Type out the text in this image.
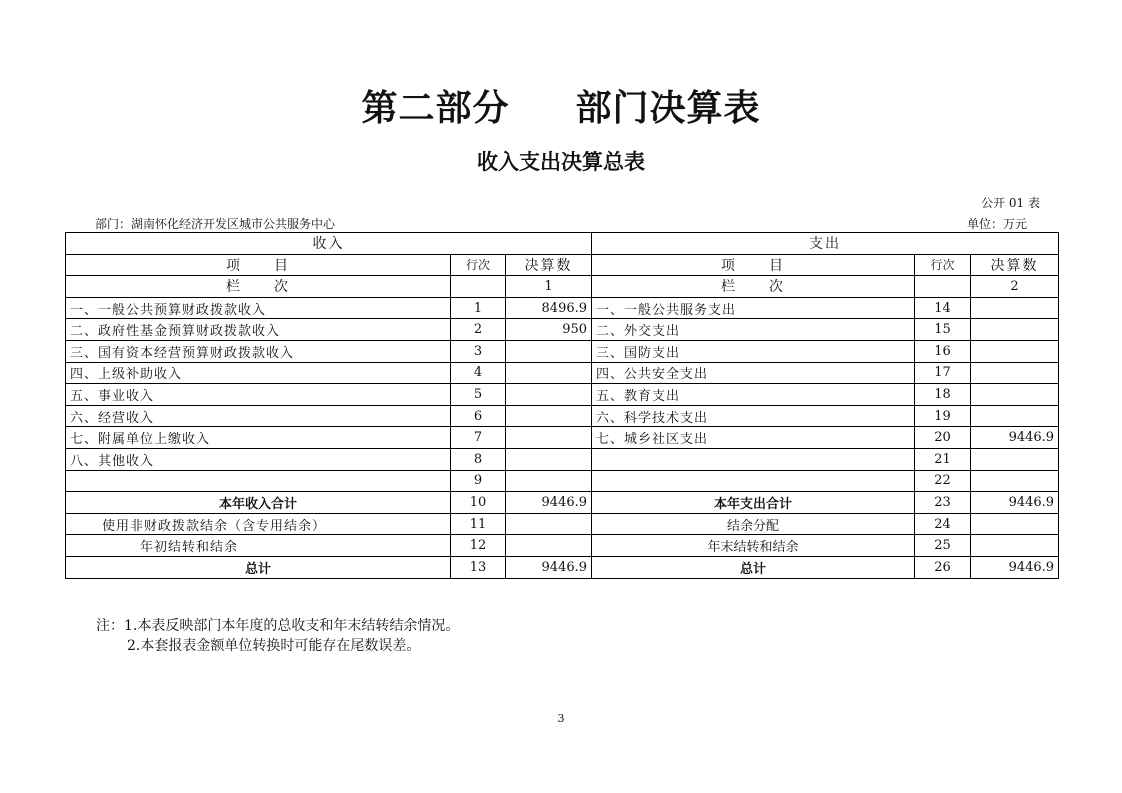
第二部分 部门决算表
收入支出决算总表
公开 01 表
部门：湖南怀化经济开发区城市公共服务中心	单位：万元
收入			支出		
项　　目	行次	决算数	项　　目	行次	决算数
栏　　次		1	栏　　次		2
一、一般公共预算财政拨款收入	1	8496.9	一、一般公共服务支出	14	
二、政府性基金预算财政拨款收入	2	950	二、外交支出	15	
三、国有资本经营预算财政拨款收入	3		三、国防支出	16	
四、上级补助收入	4		四、公共安全支出	17	
五、事业收入	5		五、教育支出	18	
六、经营收入	6		六、科学技术支出	19	
七、附属单位上缴收入	7		七、城乡社区支出	20	9446.9
八、其他收入	8			21	
	9			22	
本年收入合计	10	9446.9	本年支出合计	23	9446.9
使用非财政拨款结余（含专用结余）	11		结余分配	24	
年初结转和结余	12		年末结转和结余	25	
总计	13	9446.9	总计	26	9446.9
注：1.本表反映部门本年度的总收支和年末结转结余情况。
2.本套报表金额单位转换时可能存在尾数误差。
3
